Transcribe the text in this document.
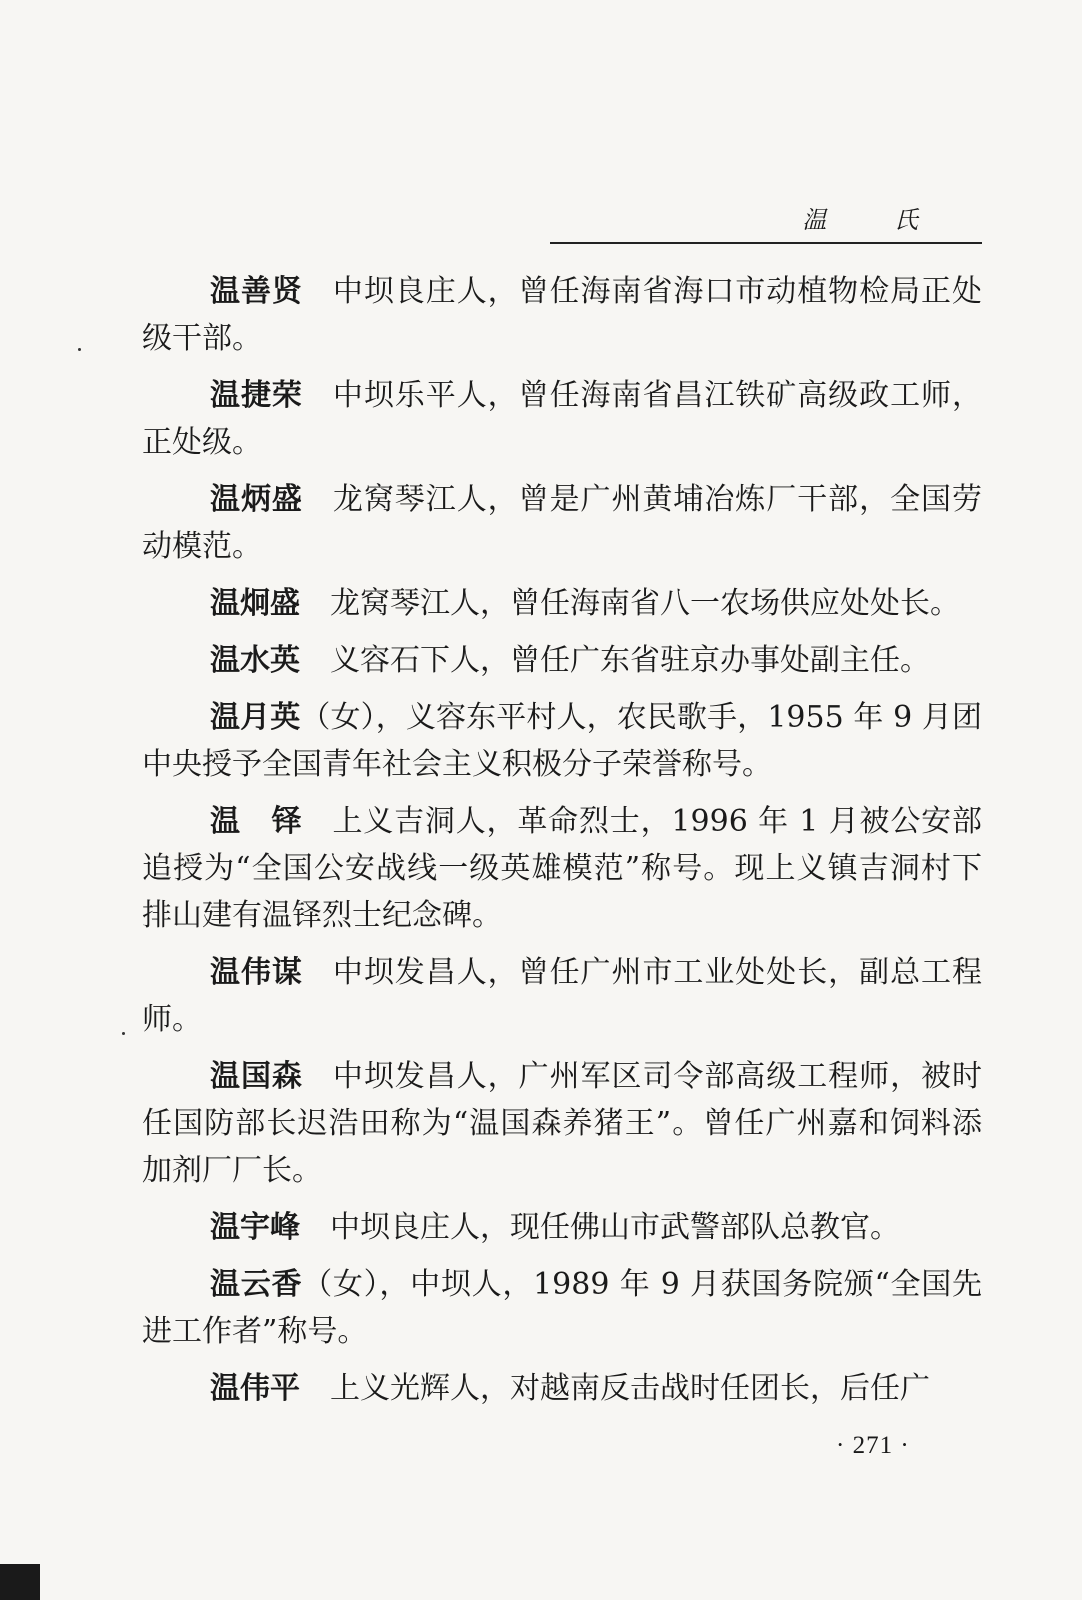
温 氏

温善贤 中坝良庄人，曾任海南省海口市动植物检局正处级干部。

温捷荣 中坝乐平人，曾任海南省昌江铁矿高级政工师，正处级。

温炳盛 龙窝琴江人，曾是广州黄埔冶炼厂干部，全国劳动模范。

温炯盛 龙窝琴江人，曾任海南省八一农场供应处处长。

温水英 义容石下人，曾任广东省驻京办事处副主任。

温月英（女），义容东平村人，农民歌手，1955 年 9 月团中央授予全国青年社会主义积极分子荣誉称号。

温　铎 上义吉洞人，革命烈士，1996 年 1 月被公安部追授为“全国公安战线一级英雄模范”称号。现上义镇吉洞村下排山建有温铎烈士纪念碑。

温伟谋 中坝发昌人，曾任广州市工业处处长，副总工程师。

温国森 中坝发昌人，广州军区司令部高级工程师，被时任国防部长迟浩田称为“温国森养猪王”。曾任广州嘉和饲料添加剂厂厂长。

温宇峰 中坝良庄人，现任佛山市武警部队总教官。

温云香（女），中坝人，1989 年 9 月获国务院颁“全国先进工作者”称号。

温伟平 上义光辉人，对越南反击战时任团长，后任广

· 271 ·
